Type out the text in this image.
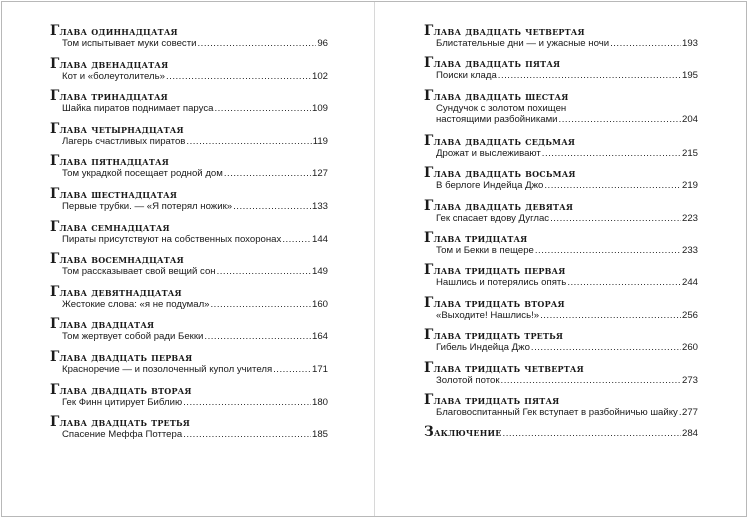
Глава одиннадцатая
Том испытывает муки совести .....	96
Глава двенадцатая
Кот и «болеутолитель» .....	102
Глава тринадцатая
Шайка пиратов поднимает паруса .....	109
Глава четырнадцатая
Лагерь счастливых пиратов .....	119
Глава пятнадцатая
Том украдкой посещает родной дом .....	127
Глава шестнадцатая
Первые трубки. — «Я потерял ножик» .....	133
Глава семнадцатая
Пираты присутствуют на собственных похоронах .....	144
Глава восемнадцатая
Том рассказывает свой вещий сон .....	149
Глава девятнадцатая
Жестокие слова: «я не подумал» .....	160
Глава двадцатая
Том жертвует собой ради Бекки .....	164
Глава двадцать первая
Красноречие — и позолоченный купол учителя .....	171
Глава двадцать вторая
Гек Финн цитирует Библию .....	180
Глава двадцать третья
Спасение Меффа Поттера .....	185
Глава двадцать четвертая
Блистательные дни — и ужасные ночи .....	193
Глава двадцать пятая
Поиски клада .....	195
Глава двадцать шестая
Сундучок с золотом похищен
настоящими разбойниками .....	204
Глава двадцать седьмая
Дрожат и выслеживают .....	215
Глава двадцать восьмая
В берлоге Индейца Джо .....	219
Глава двадцать девятая
Гек спасает вдову Дуглас .....	223
Глава тридцатая
Том и Бекки в пещере .....	233
Глава тридцать первая
Нашлись и потерялись опять .....	244
Глава тридцать вторая
«Выходите! Нашлись!» .....	256
Глава тридцать третья
Гибель Индейца Джо .....	260
Глава тридцать четвертая
Золотой поток .....	273
Глава тридцать пятая
Благовоспитанный Гек вступает в разбойничью шайку ..... 277
Заключение .....	284
